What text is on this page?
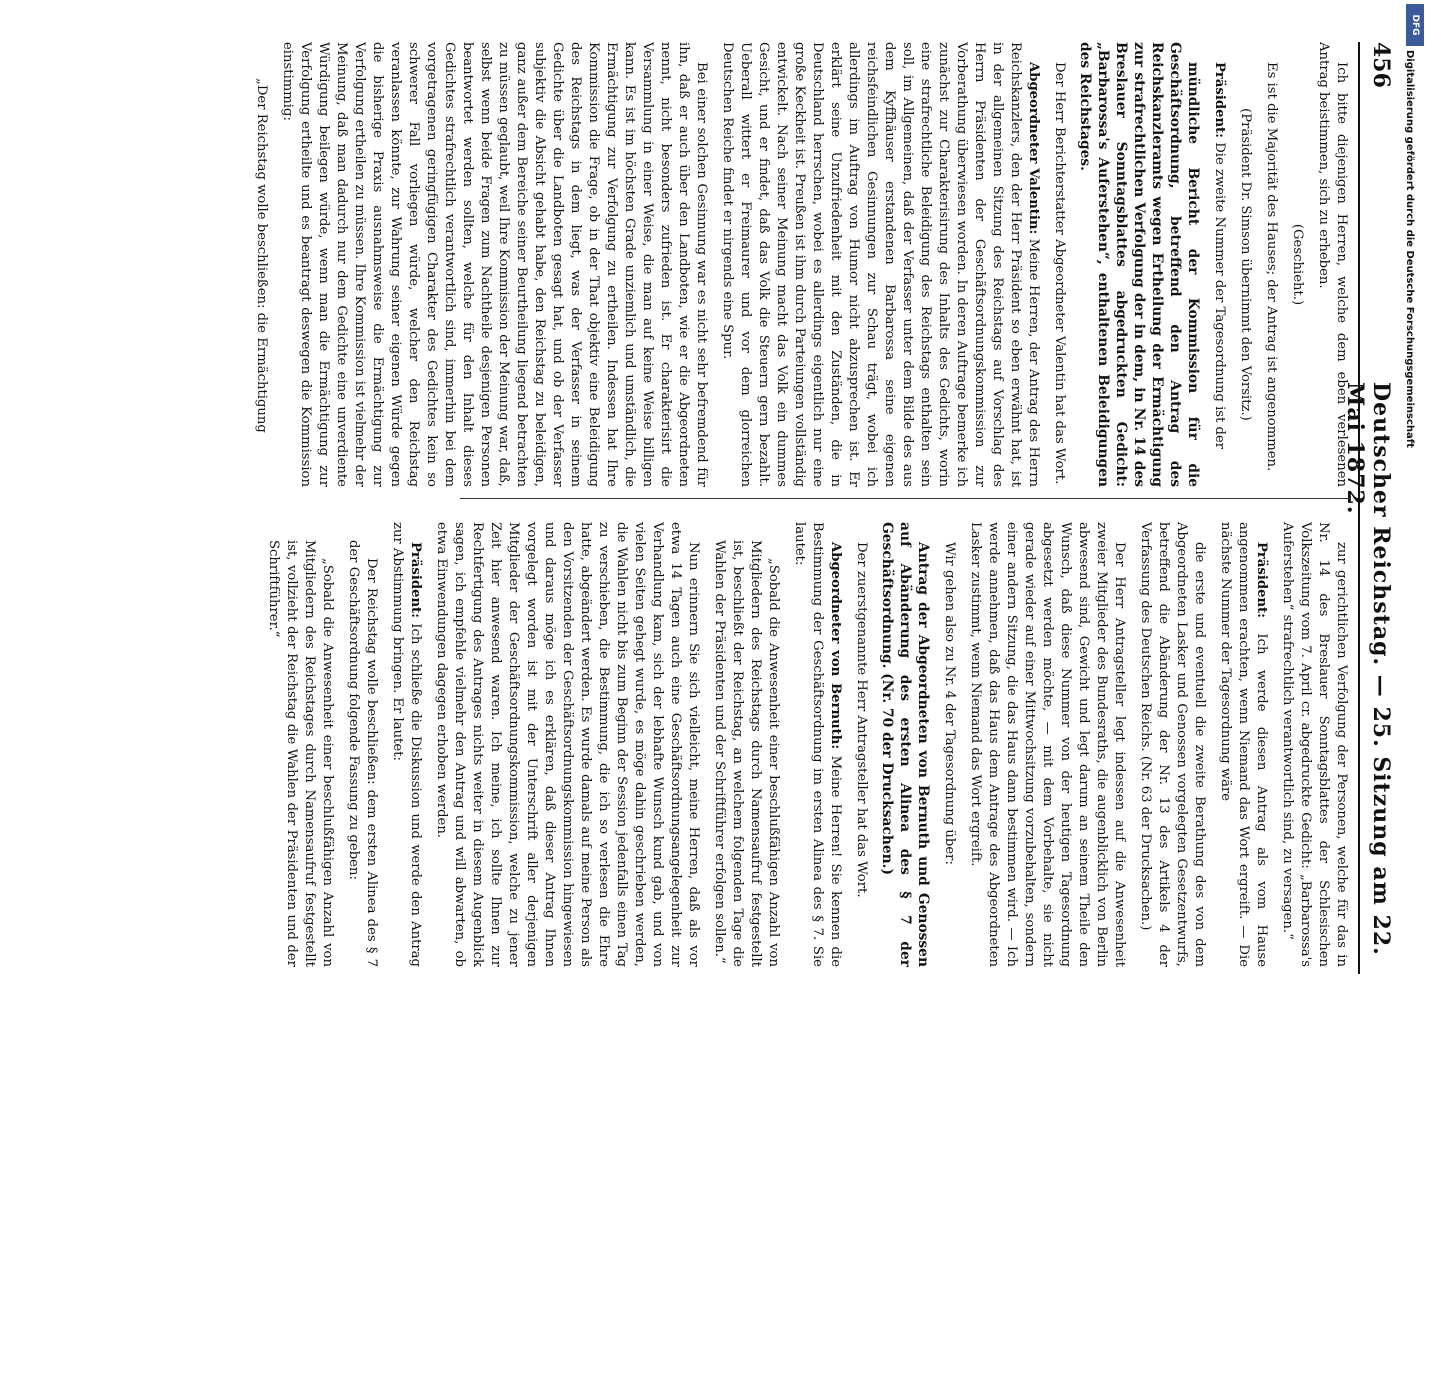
456
Deutscher Reichstag. — 25. Sitzung am 22. Mai 1872.

Ich bitte diejenigen Herren, welche dem eben verlesenen Antrag beistimmen, sich zu erheben.

(Geschieht.)

Es ist die Majorität des Hauses; der Antrag ist angenommen.

(Präsident Dr. Simson übernimmt den Vorsitz.)

Präsident: Die zweite Nummer der Tagesordnung ist der

mündliche Bericht der Kommission für die Geschäftsordnung, betreffend den Antrag des Reichskanzleramts wegen Ertheilung der Ermächtigung zur strafrechtlichen Verfolgung der in dem, in Nr. 14 des Breslauer Sonntagsblattes abgedruckten Gedicht: „Barbarossa's Auferstehen“, enthaltenen Beleidigungen des Reichstages.

Der Herr Berichterstatter Abgeordneter Valentin hat das Wort.

Abgeordneter Valentin: Meine Herren, der Antrag des Herrn Reichskanzlers, den der Herr Präsident so eben erwähnt hat, ist in der allgemeinen Sitzung des Reichstags auf Vorschlag des Herrn Präsidenten der Geschäftsordnungskommission zur Vorberathung überwiesen worden. In deren Auftrage bemerke ich zunächst zur Charakterisirung des Inhalts des Gedichts, worin eine strafrechtliche Beleidigung des Reichstags enthalten sein soll, im Allgemeinen, daß der Verfasser unter dem Bilde des aus dem Kyffhäuser erstandenen Barbarossa seine eigenen reichsfeindlichen Gesinnungen zur Schau trägt, wobei ich allerdings im Auftrag von Humor nicht abzusprechen ist. Er erklärt seine Unzufriedenheit mit den Zuständen, die in Deutschland herrschen, wobei es allerdings eigentlich nur eine große Keckheit ist. Preußen ist ihm durch Parteiungen vollständig entwickelt. Nach seiner Meinung macht das Volk ein dummes Gesicht, und er findet, daß das Volk die Steuern gern bezahlt. Ueberall wittert er Freimaurer und vor dem glorreichen Deutschen Reiche findet er nirgends eine Spur.

Bei einer solchen Gesinnung war es nicht sehr befremdend für ihn, daß er auch über den Landboten, wie er die Abgeordneten nennt, nicht besonders zufrieden ist. Er charakterisirt die Versammlung in einer Weise, die man auf keine Weise billigen kann. Es ist im höchsten Grade unziemlich und umständlich, die Ermächtigung zur Verfolgung zu ertheilen. Indessen hat Ihre Kommission die Frage, ob in der That objektiv eine Beleidigung des Reichstags in dem liegt, was der Verfasser in seinem Gedichte über die Landboten gesagt hat, und ob der Verfasser subjektiv die Absicht gehabt habe, den Reichstag zu beleidigen, ganz außer dem Bereiche seiner Beurtheilung liegend betrachten zu müssen geglaubt, weil Ihre Kommission der Meinung war, daß, selbst wenn beide Fragen zum Nachtheile desjenigen Personen beantwortet werden sollten, welche für den Inhalt dieses Gedichtes strafrechtlich verantwortlich sind, immerhin bei dem vorgetragenen geringfügigen Charakter des Gedichtes kein so schwerer Fall vorliegen würde, welcher den Reichstag veranlassen könnte, zur Wahrung seiner eigenen Würde gegen die bisherige Praxis ausnahmsweise die Ermächtigung zur Verfolgung ertheilen zu müssen. Ihre Kommission ist vielmehr der Meinung, daß man dadurch nur dem Gedichte eine unverdiente Würdigung beilegen würde, wenn man die Ermächtigung zur Verfolgung ertheilte und es beantragt deswegen die Kommission einstimmig:

„Der Reichstag wolle beschließen: die Ermächtigung

zur gerichtlichen Verfolgung der Personen, welche für das in Nr. 14 des Breslauer Sonntagsblattes der Schlesischen Volkszeitung vom 7. April cr. abgedruckte Gedicht: „Barbarossa's Auferstehen“ strafrechtlich verantwortlich sind, zu versagen.“

Präsident: Ich werde diesen Antrag als vom Hause angenommen erachten, wenn Niemand das Wort ergreift. — Die nächste Nummer der Tagesordnung wäre

die erste und eventuell die zweite Berathung des von dem Abgeordneten Lasker und Genossen vorgelegten Gesetzentwurfs, betreffend die Abänderung der Nr. 13 des Artikels 4 der Verfassung des Deutschen Reichs. (Nr. 63 der Drucksachen.)

Der Herr Antragsteller legt indessen auf die Anwesenheit zweier Mitglieder des Bundesraths, die augenblicklich von Berlin abwesend sind, Gewicht und legt darum an seinem Theile den Wunsch, daß diese Nummer von der heutigen Tagesordnung abgesetzt werden möchte, — mit dem Vorbehalte, sie nicht gerade wieder auf einer Mittwochsitzung vorzubehalten, sondern einer andern Sitzung, die das Haus dann bestimmen wird. — Ich werde annehmen, daß das Haus dem Antrage des Abgeordneten Lasker zustimmt, wenn Niemand das Wort ergreift.

Wir gehen also zu Nr. 4 der Tagesordnung über:

Antrag der Abgeordneten von Bernuth und Genossen auf Abänderung des ersten Alinea des § 7 der Geschäftsordnung. (Nr. 70 der Drucksachen.)

Der zuerstgenannte Herr Antragsteller hat das Wort.

Abgeordneter von Bernuth: Meine Herren! Sie kennen die Bestimmung der Geschäftsordnung im ersten Alinea des § 7. Sie lautet:

„Sobald die Anwesenheit einer beschlußfähigen Anzahl von Mitgliedern des Reichstags durch Namensaufruf festgestellt ist, beschließt der Reichstag, an welchem folgenden Tage die Wahlen der Präsidenten und der Schriftführer erfolgen sollen.“

Nun erinnern Sie sich vielleicht, meine Herren, daß als vor etwa 14 Tagen auch eine Geschäftsordnungsangelegenheit zur Verhandlung kam, sich der lebhafte Wunsch kund gab, und von vielen Seiten gehegt wurde, es möge dahin geschrieben werden, die Wahlen nicht bis zum Beginn der Session jedenfalls einen Tag zu verschieben, die Bestimmung, die ich so verlesen die Ehre hatte, abgeändert werden. Es wurde damals auf meine Person als den Vorsitzenden der Geschäftsordnungskommission hingewiesen und daraus möge ich es erklären, daß dieser Antrag Ihnen vorgelegt worden ist mit der Unterschrift aller derjenigen Mitglieder der Geschäftsordnungskommission, welche zu jener Zeit hier anwesend waren. Ich meine, ich sollte Ihnen zur Rechtfertigung des Antrages nichts weiter in diesem Augenblick sagen, ich empfehle vielmehr den Antrag und will abwarten, ob etwa Einwendungen dagegen erhoben werden.

Präsident: Ich schließe die Diskussion und werde den Antrag zur Abstimmung bringen. Er lautet:

Der Reichstag wolle beschließen: dem ersten Alinea des § 7 der Geschäftsordnung folgende Fassung zu geben:

„Sobald die Anwesenheit einer beschlußfähigen Anzahl von Mitgliedern des Reichstages durch Namensaufruf festgestellt ist, vollzieht der Reichstag die Wahlen der Präsidenten und der Schriftführer.“

DFG
Digitalisierung gefördert durch die Deutsche Forschungsgemeinschaft
